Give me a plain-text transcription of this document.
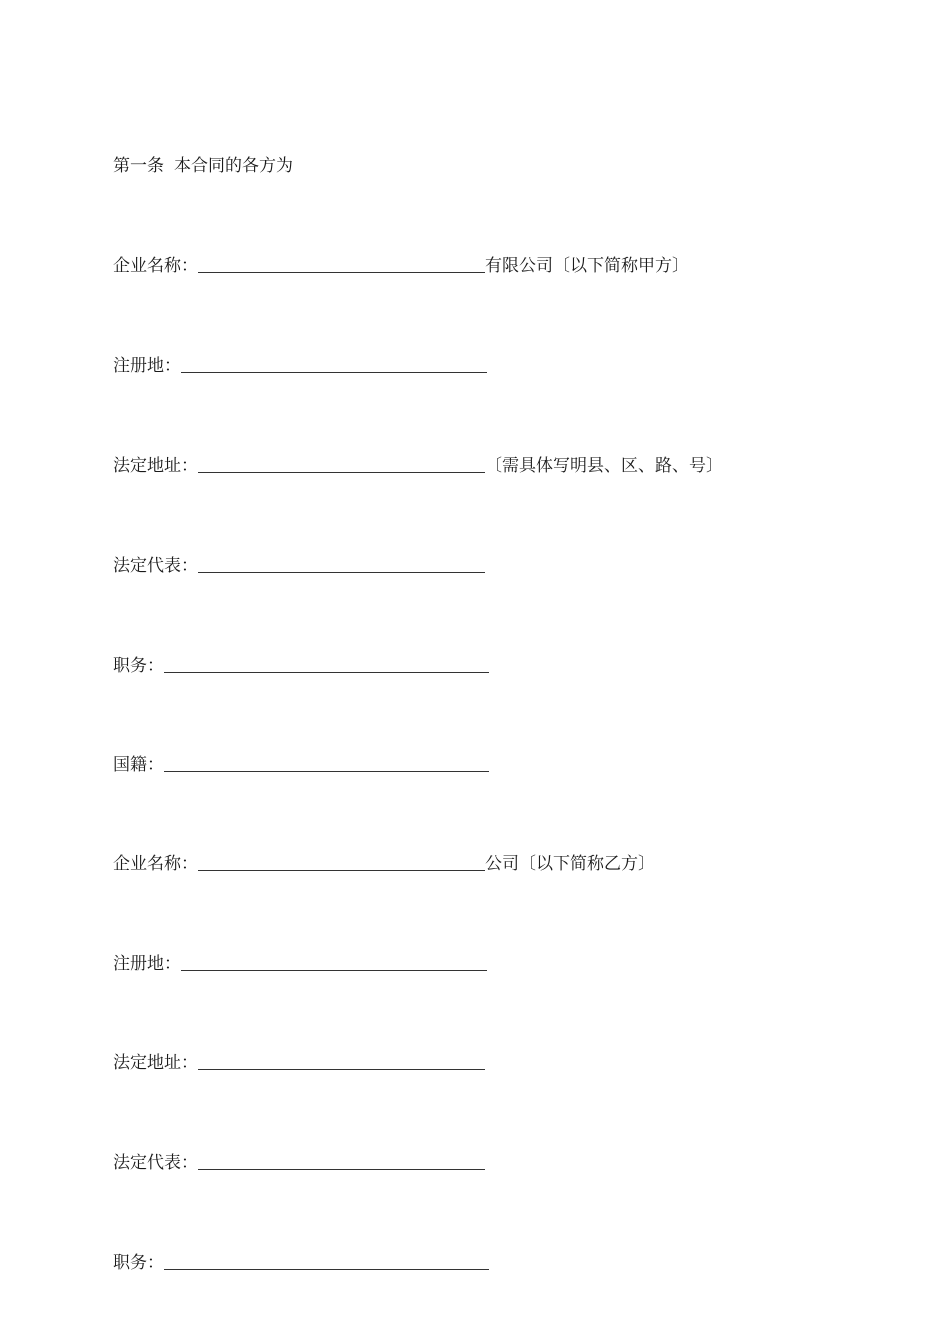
第一条 本合同的各方为
企业名称：	有限公司〔以下简称甲方〕
注册地：
法定地址：	〔需具体写明县、区、路、号〕
法定代表：
职务：
国籍：
企业名称：	公司〔以下简称乙方〕
注册地：
法定地址：
法定代表：
职务：
